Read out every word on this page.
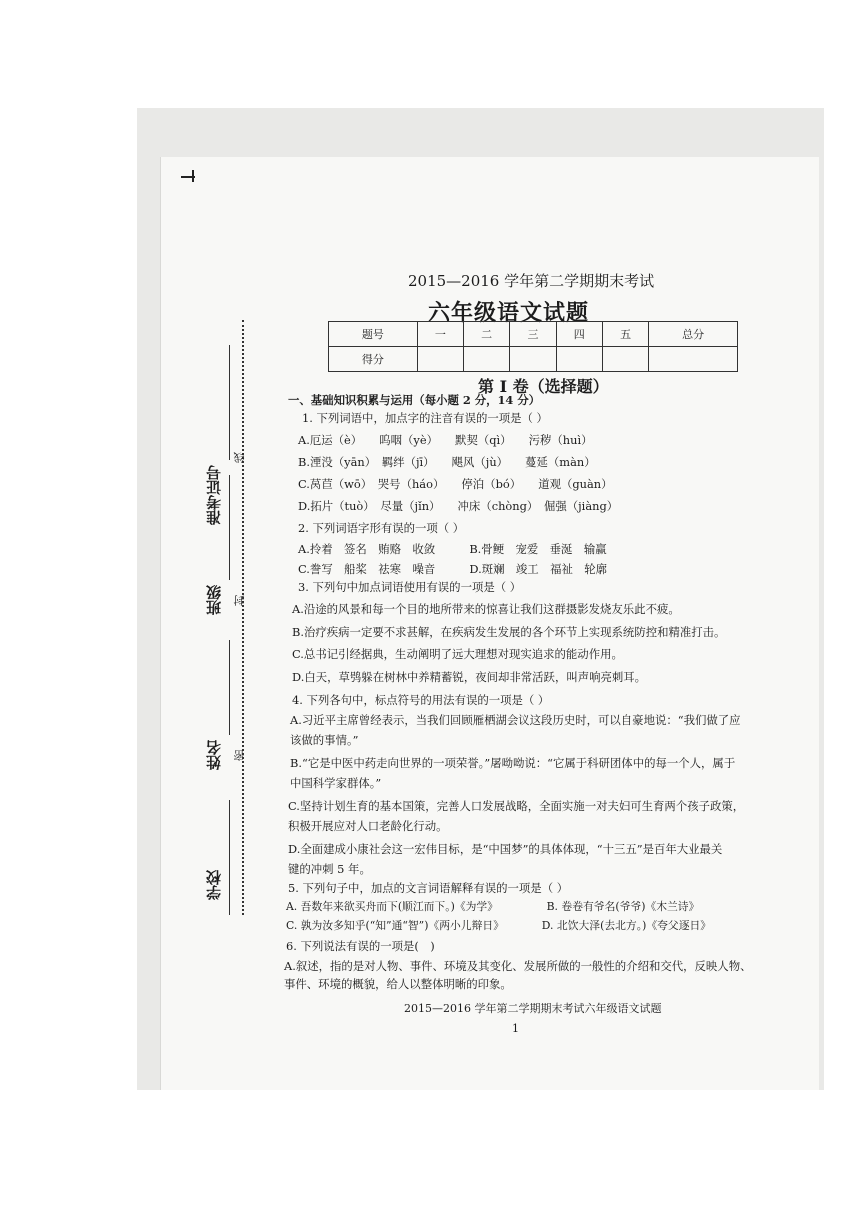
学校
姓名 密
班级 封
准考证号
线
2015—2016 学年第二学期期末考试
六年级语文试题
题号	一	二	三	四	五	总分
得分						
第 I 卷（选择题）
一、基础知识积累与运用（每小题 2 分，14 分）
1. 下列词语中，加点字的注音有误的一项是（ ）
A.厄运（è）　　呜咽（yè）　　默契（qì）　　污秽（huì）
B.湮没（yān）　羁绊（jī）　　飓风（jù）　　蔓延（màn）
C.莴苣（wō）　哭号（háo）　　停泊（bó）　　道观（guàn）
D.拓片（tuò）　尽量（jǐn）　　冲床（chòng）　倔强（jiàng）
2. 下列词语字形有误的一项（ ）
A.拎着　签名　贿赂　收敛　　　B.骨鲠　宠爱　垂涎　输赢
C.誊写　船桨　祛寒　噪音　　　D.斑斓　竣工　福祉　轮廓
3. 下列句中加点词语使用有误的一项是（ ）
A.沿途的风景和每一个目的地所带来的惊喜让我们这群摄影发烧友乐此不疲。
B.治疗疾病一定要不求甚解，在疾病发生发展的各个环节上实现系统防控和精准打击。
C.总书记引经据典，生动阐明了远大理想对现实追求的能动作用。
D.白天，草鸮躲在树林中养精蓄锐，夜间却非常活跃，叫声响亮刺耳。
4. 下列各句中，标点符号的用法有误的一项是（ ）
A.习近平主席曾经表示，当我们回顾雁栖湖会议这段历史时，可以自豪地说：“我们做了应
该做的事情。”
B.“它是中医中药走向世界的一项荣誉。”屠呦呦说：“它属于科研团体中的每一个人，属于
中国科学家群体。”
C.坚持计划生育的基本国策，完善人口发展战略，全面实施一对夫妇可生育两个孩子政策，
积极开展应对人口老龄化行动。
D.全面建成小康社会这一宏伟目标，是“中国梦”的具体体现，“十三五”是百年大业最关
键的冲刺 5 年。
5. 下列句子中，加点的文言词语解释有误的一项是（ ）
A. 吾数年来欲买舟而下(顺江而下。)《为学》　　　　　B. 卷卷有爷名(爷爷)《木兰诗》
C. 孰为汝多知乎(“知”通“智”)《两小儿辩日》　　　　D. 北饮大泽(去北方。)《夸父逐日》
6. 下列说法有误的一项是(　)
A.叙述，指的是对人物、事件、环境及其变化、发展所做的一般性的介绍和交代，反映人物、
事件、环境的概貌，给人以整体明晰的印象。
2015—2016 学年第二学期期末考试六年级语文试题
1
